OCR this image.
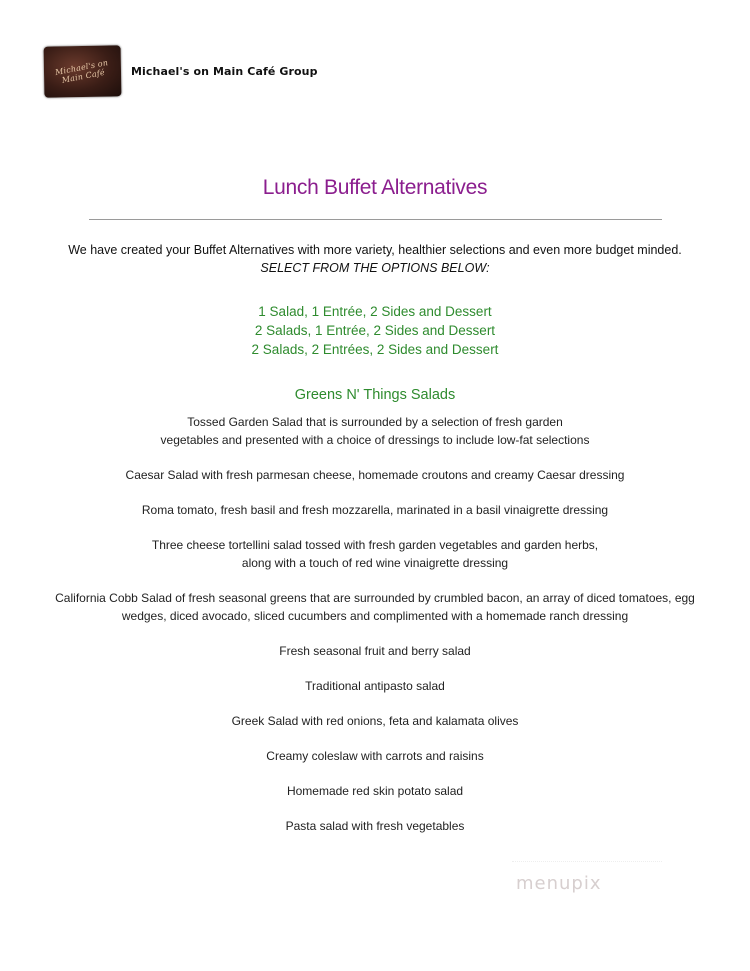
Michael's on Main Café	Michael's on Main Café Group
Lunch Buffet Alternatives
We have created your Buffet Alternatives with more variety, healthier selections and even more budget minded.
SELECT FROM THE OPTIONS BELOW:
1 Salad, 1 Entrée, 2 Sides and Dessert
2 Salads, 1 Entrée, 2 Sides and Dessert
2 Salads, 2 Entrées, 2 Sides and Dessert
Greens N' Things Salads
Tossed Garden Salad that is surrounded by a selection of fresh garden
vegetables and presented with a choice of dressings to include low-fat selections
Caesar Salad with fresh parmesan cheese, homemade croutons and creamy Caesar dressing
Roma tomato, fresh basil and fresh mozzarella, marinated in a basil vinaigrette dressing
Three cheese tortellini salad tossed with fresh garden vegetables and garden herbs,
along with a touch of red wine vinaigrette dressing
California Cobb Salad of fresh seasonal greens that are surrounded by crumbled bacon, an array of diced tomatoes, egg
wedges, diced avocado, sliced cucumbers and complimented with a homemade ranch dressing
Fresh seasonal fruit and berry salad
Traditional antipasto salad
Greek Salad with red onions, feta and kalamata olives
Creamy coleslaw with carrots and raisins
Homemade red skin potato salad
Pasta salad with fresh vegetables
menupix
